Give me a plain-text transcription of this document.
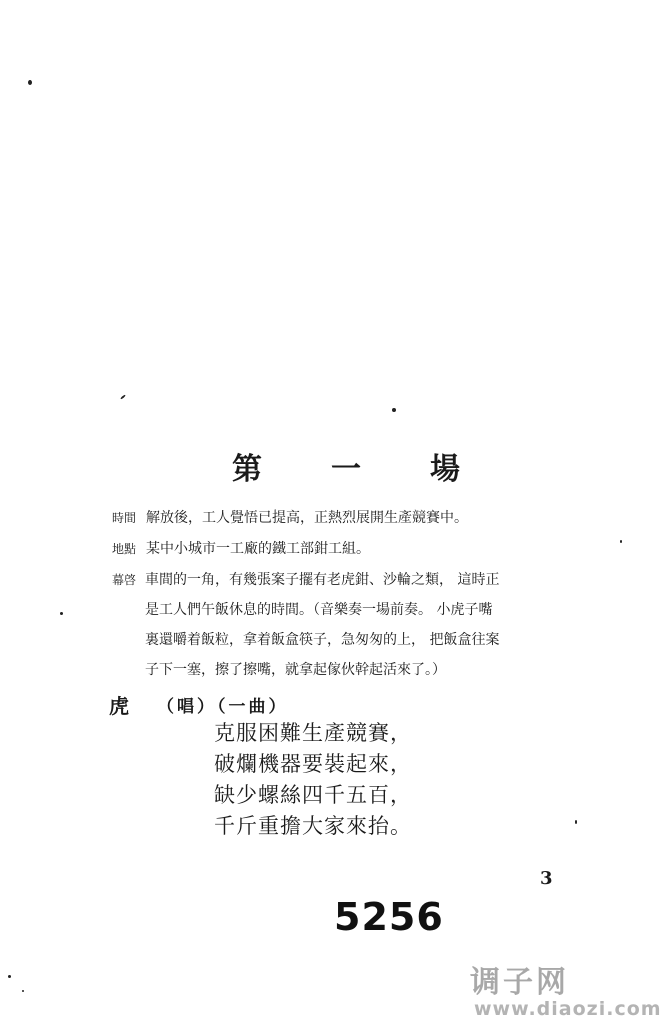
第 一 場
時間 解放後，工人覺悟已提高，正熱烈展開生產競賽中。
地點 某中小城市一工廠的鐵工部鉗工組。
幕啓 車間的一角，有幾張案子擺有老虎鉗、沙輪之類， 這時正
是工人們午飯休息的時間。（音樂奏一場前奏。 小虎子嘴
裏還嚼着飯粒，拿着飯盒筷子，急匆匆的上， 把飯盒往案
子下一塞，擦了擦嘴，就拿起傢伙幹起活來了。）
虎	（唱）（一曲）
克服困難生產競賽，
破爛機器要裝起來，
缺少螺絲四千五百，
千斤重擔大家來抬。
3
5256
调子网
www.diaozi.com
